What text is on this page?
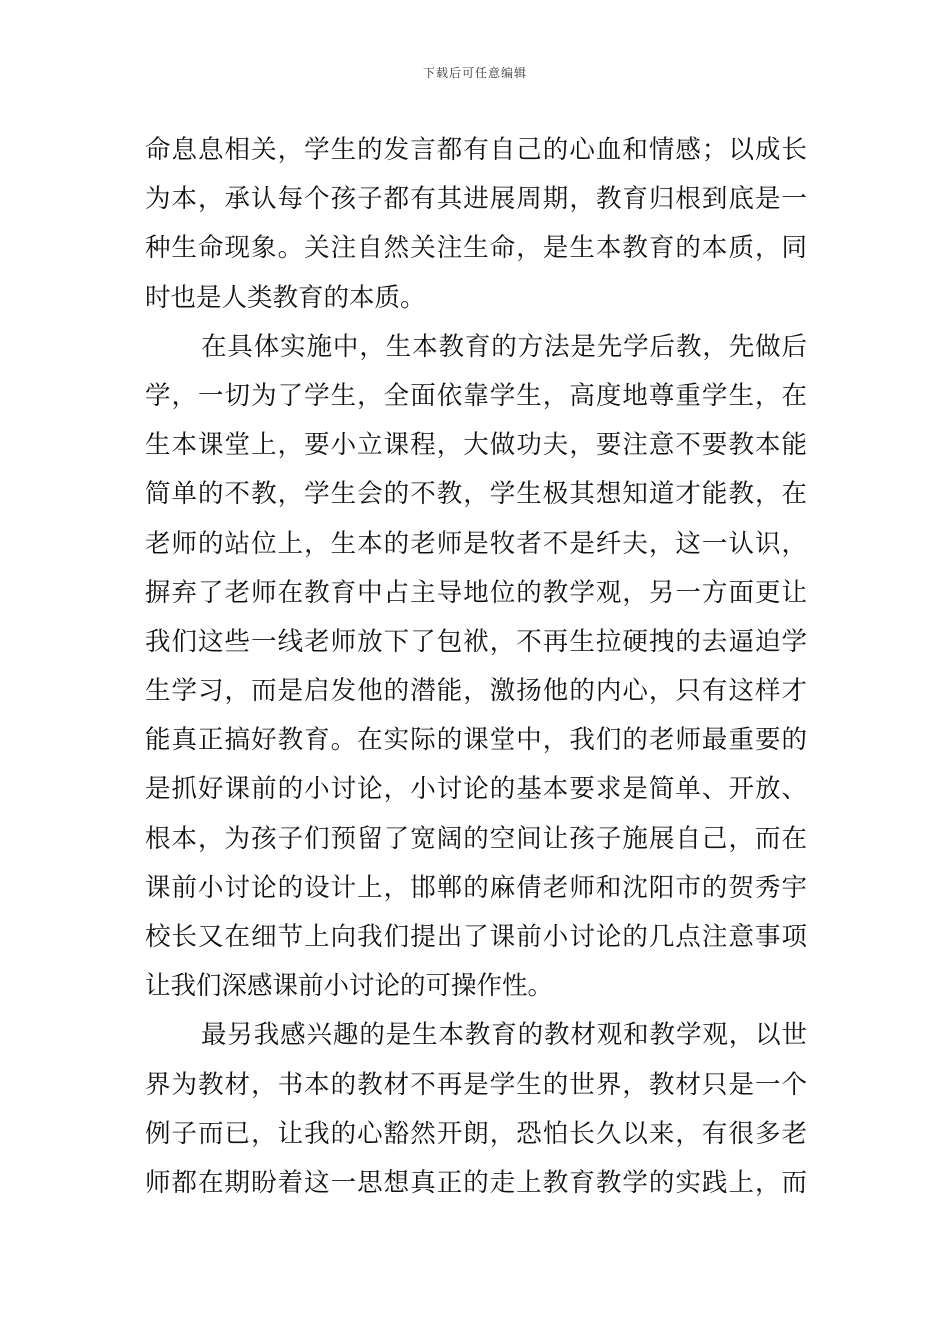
下载后可任意编辑
命息息相关，学生的发言都有自己的心血和情感；以成长
为本，承认每个孩子都有其进展周期，教育归根到底是一
种生命现象。关注自然关注生命，是生本教育的本质，同
时也是人类教育的本质。
在具体实施中，生本教育的方法是先学后教，先做后
学，一切为了学生，全面依靠学生，高度地尊重学生，在
生本课堂上，要小立课程，大做功夫，要注意不要教本能
简单的不教，学生会的不教，学生极其想知道才能教，在
老师的站位上，生本的老师是牧者不是纤夫，这一认识，
摒弃了老师在教育中占主导地位的教学观，另一方面更让
我们这些一线老师放下了包袱，不再生拉硬拽的去逼迫学
生学习，而是启发他的潜能，激扬他的内心，只有这样才
能真正搞好教育。在实际的课堂中，我们的老师最重要的
是抓好课前的小讨论，小讨论的基本要求是简单、开放、
根本，为孩子们预留了宽阔的空间让孩子施展自己，而在
课前小讨论的设计上，邯郸的麻倩老师和沈阳市的贺秀宇
校长又在细节上向我们提出了课前小讨论的几点注意事项
让我们深感课前小讨论的可操作性。
最另我感兴趣的是生本教育的教材观和教学观，以世
界为教材，书本的教材不再是学生的世界，教材只是一个
例子而已，让我的心豁然开朗，恐怕长久以来，有很多老
师都在期盼着这一思想真正的走上教育教学的实践上，而
